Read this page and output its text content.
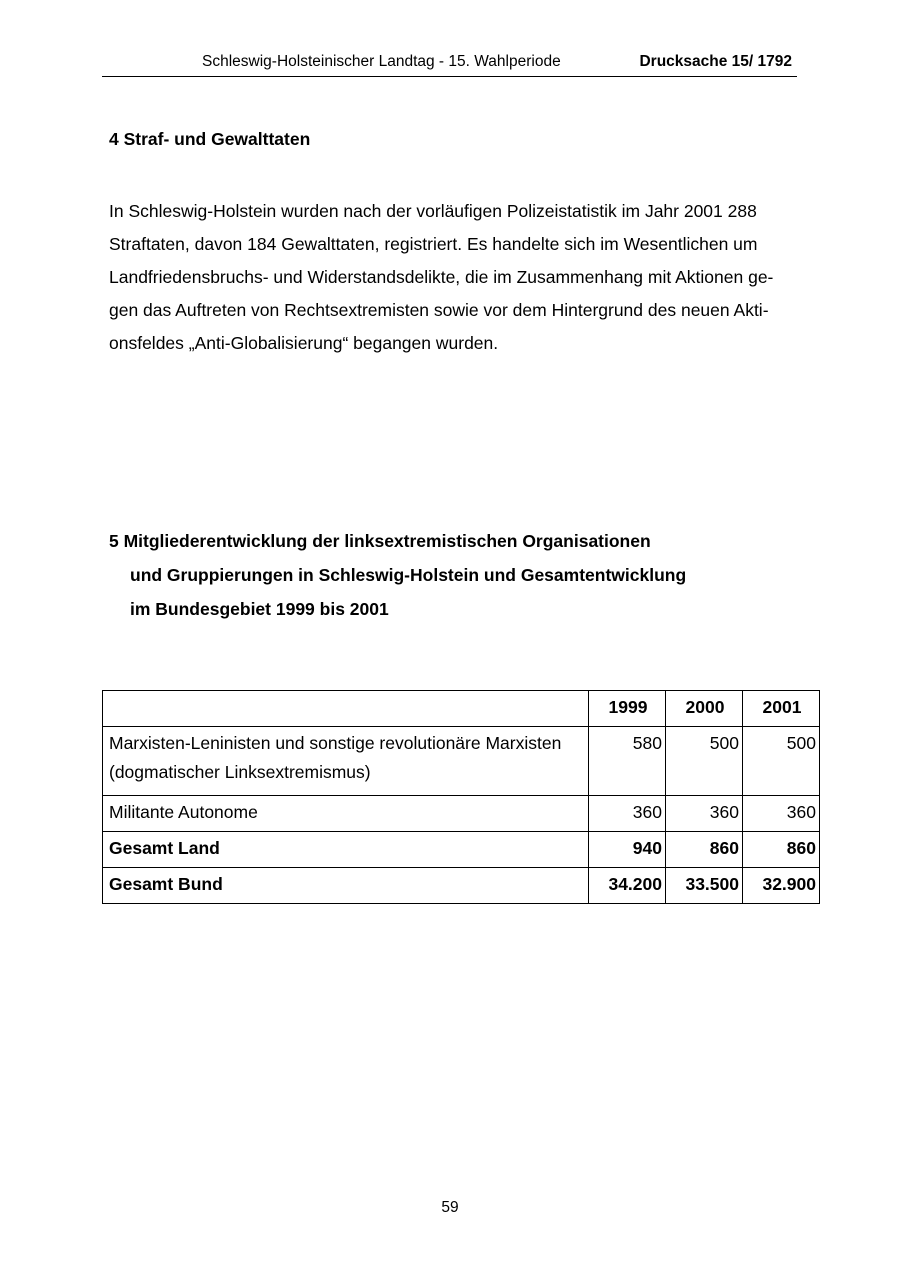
Schleswig-Holsteinischer Landtag - 15. Wahlperiode	Drucksache 15/ 1792
4 Straf- und Gewalttaten
In Schleswig-Holstein wurden nach der vorläufigen Polizeistatistik im Jahr 2001 288
Straftaten, davon 184 Gewalttaten, registriert. Es handelte sich im Wesentlichen um
Landfriedensbruchs- und Widerstandsdelikte, die im Zusammenhang mit Aktionen ge-
gen das Auftreten von Rechtsextremisten sowie vor dem Hintergrund des neuen Akti-
onsfeldes „Anti-Globalisierung“ begangen wurden.
5 Mitgliederentwicklung der linksextremistischen Organisationen
und Gruppierungen in Schleswig-Holstein und Gesamtentwicklung
im Bundesgebiet 1999 bis 2001
	1999	2000	2001
Marxisten-Leninisten und sonstige revolutionäre Marxisten
(dogmatischer Linksextremismus)	580	500	500
Militante Autonome	360	360	360
Gesamt Land	940	860	860
Gesamt Bund	34.200	33.500	32.900
59
